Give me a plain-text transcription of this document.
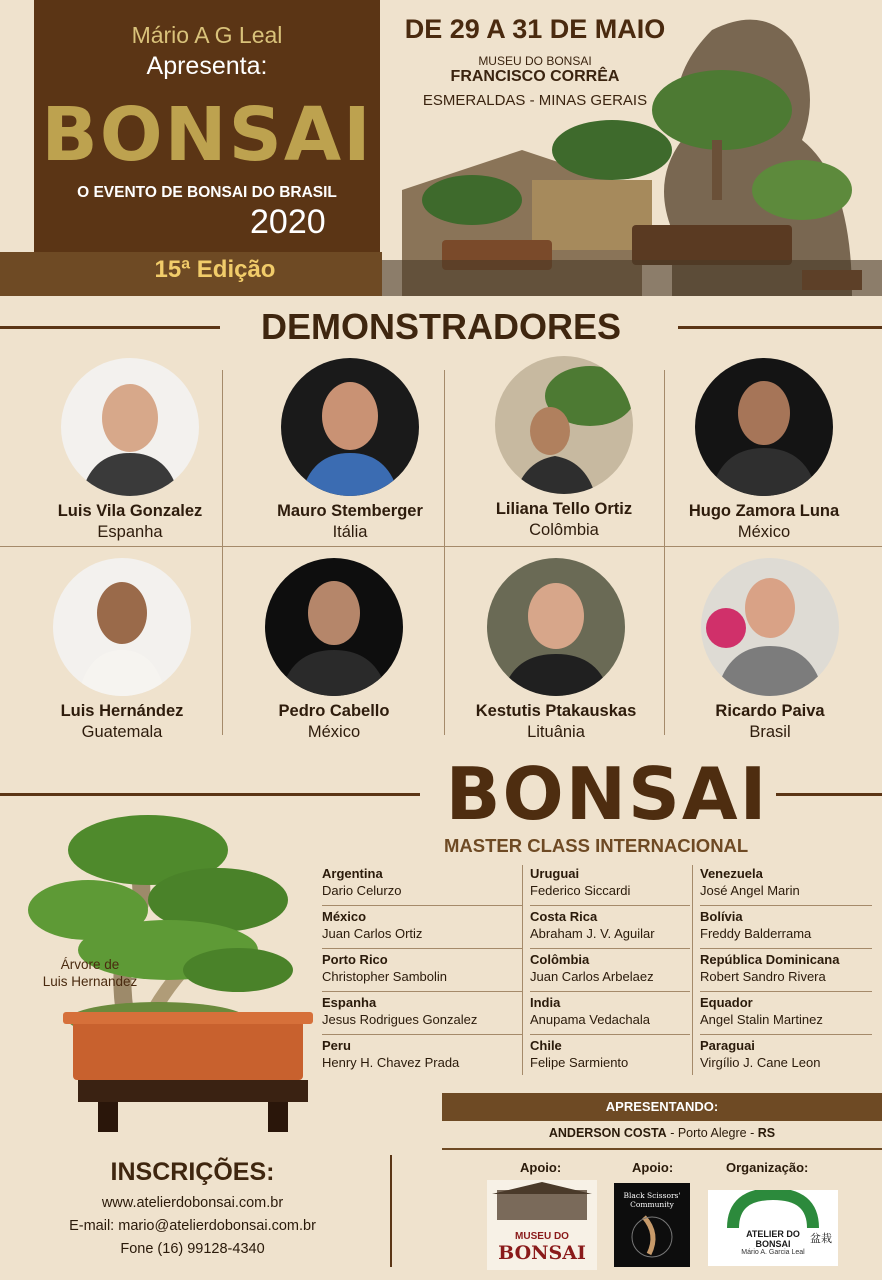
Mário A G Leal
Apresenta:
BONSAI
O EVENTO DE BONSAI DO BRASIL
2020
15ª Edição
DE 29 A 31 DE MAIO
MUSEU DO BONSAI
FRANCISCO CORRÊA
ESMERALDAS - MINAS GERAIS
DEMONSTRADORES
Luis Vila Gonzalez
Espanha
Mauro Stemberger
Itália
Liliana Tello Ortiz
Colômbia
Hugo Zamora Luna
México
Luis Hernández
Guatemala
Pedro Cabello
México
Kestutis Ptakauskas
Lituânia
Ricardo Paiva
Brasil
BONSAI
MASTER CLASS INTERNACIONAL
Árvore de
Luis Hernandez
Argentina
Dario Celurzo
México
Juan Carlos Ortiz
Porto Rico
Christopher Sambolin
Espanha
Jesus Rodrigues Gonzalez
Peru
Henry H. Chavez Prada
Uruguai
Federico Siccardi
Costa Rica
Abraham J. V. Aguilar
Colômbia
Juan Carlos Arbelaez
India
Anupama Vedachala
Chile
Felipe Sarmiento
Venezuela
José Angel Marin
Bolívia
Freddy Balderrama
República Dominicana
Robert Sandro Rivera
Equador
Angel Stalin Martinez
Paraguai
Virgílio J. Cane Leon
APRESENTANDO:
ANDERSON COSTA - Porto Alegre - RS
INSCRIÇÕES:
www.atelierdobonsai.com.br
E-mail: mario@atelierdobonsai.com.br
Fone (16) 99128-4340
Apoio:	Apoio:	Organização:
MUSEU DO
BONSAI
Black Scissors'
Community
ATELIER DO
BONSAI
Mário A. Garcia Leal
盆栽
